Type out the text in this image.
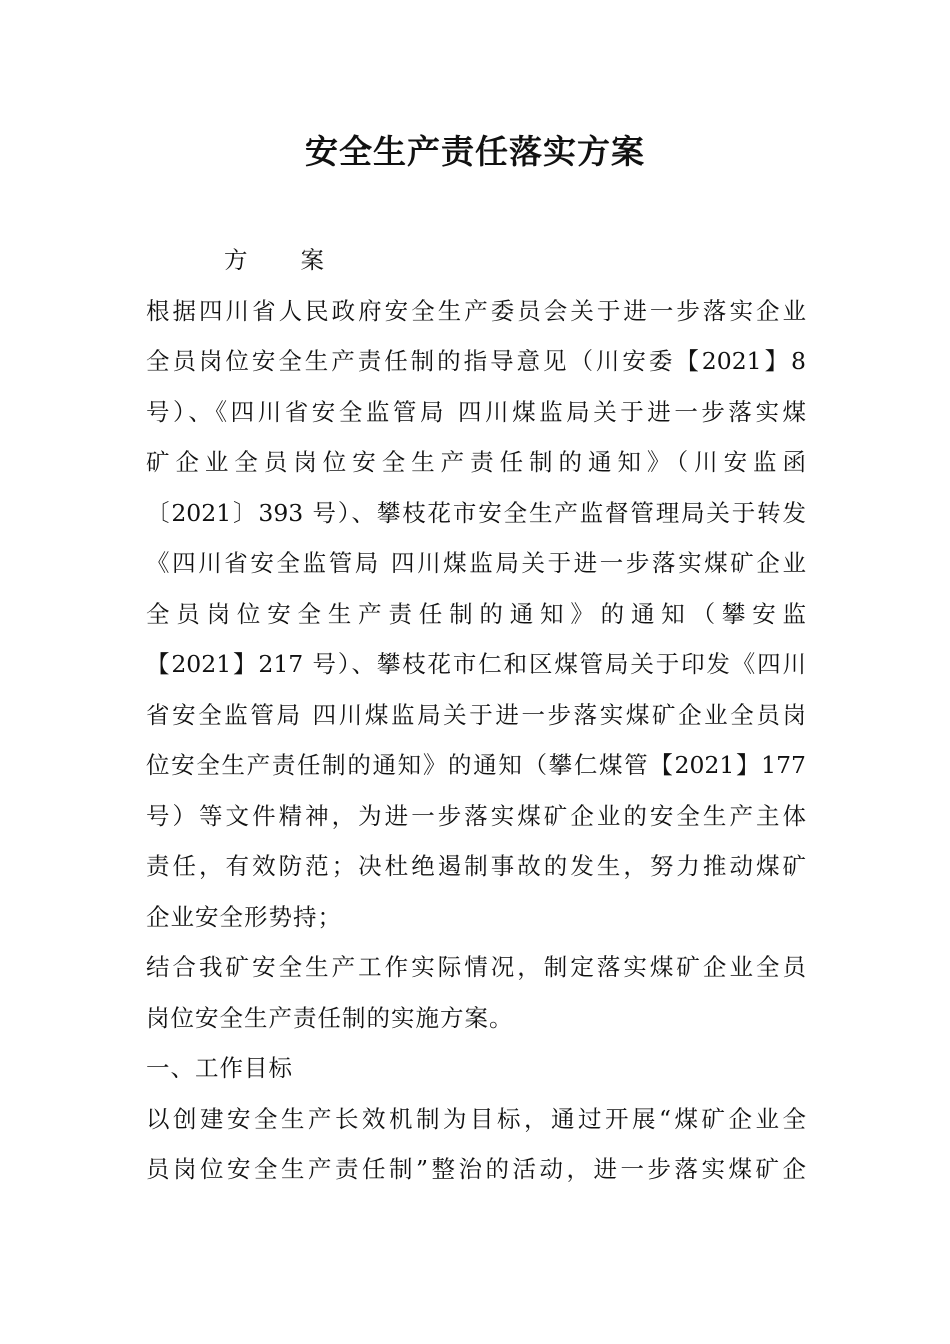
安全生产责任落实方案

方　　案

根据四川省人民政府安全生产委员会关于进一步落实企业

全员岗位安全生产责任制的指导意见（川安委【2021】8

号）、《四川省安全监管局 四川煤监局关于进一步落实煤

矿企业全员岗位安全生产责任制的通知》（川安监函

〔2021〕393 号）、攀枝花市安全生产监督管理局关于转发

《四川省安全监管局 四川煤监局关于进一步落实煤矿企业

全员岗位安全生产责任制的通知》的通知（攀安监

【2021】217 号）、攀枝花市仁和区煤管局关于印发《四川

省安全监管局 四川煤监局关于进一步落实煤矿企业全员岗

位安全生产责任制的通知》的通知（攀仁煤管【2021】177

号）等文件精神，为进一步落实煤矿企业的安全生产主体

责任，有效防范；决杜绝遏制事故的发生，努力推动煤矿

企业安全形势持；

结合我矿安全生产工作实际情况，制定落实煤矿企业全员

岗位安全生产责任制的实施方案。

一、工作目标

以创建安全生产长效机制为目标，通过开展“煤矿企业全

员岗位安全生产责任制”整治的活动，进一步落实煤矿企
